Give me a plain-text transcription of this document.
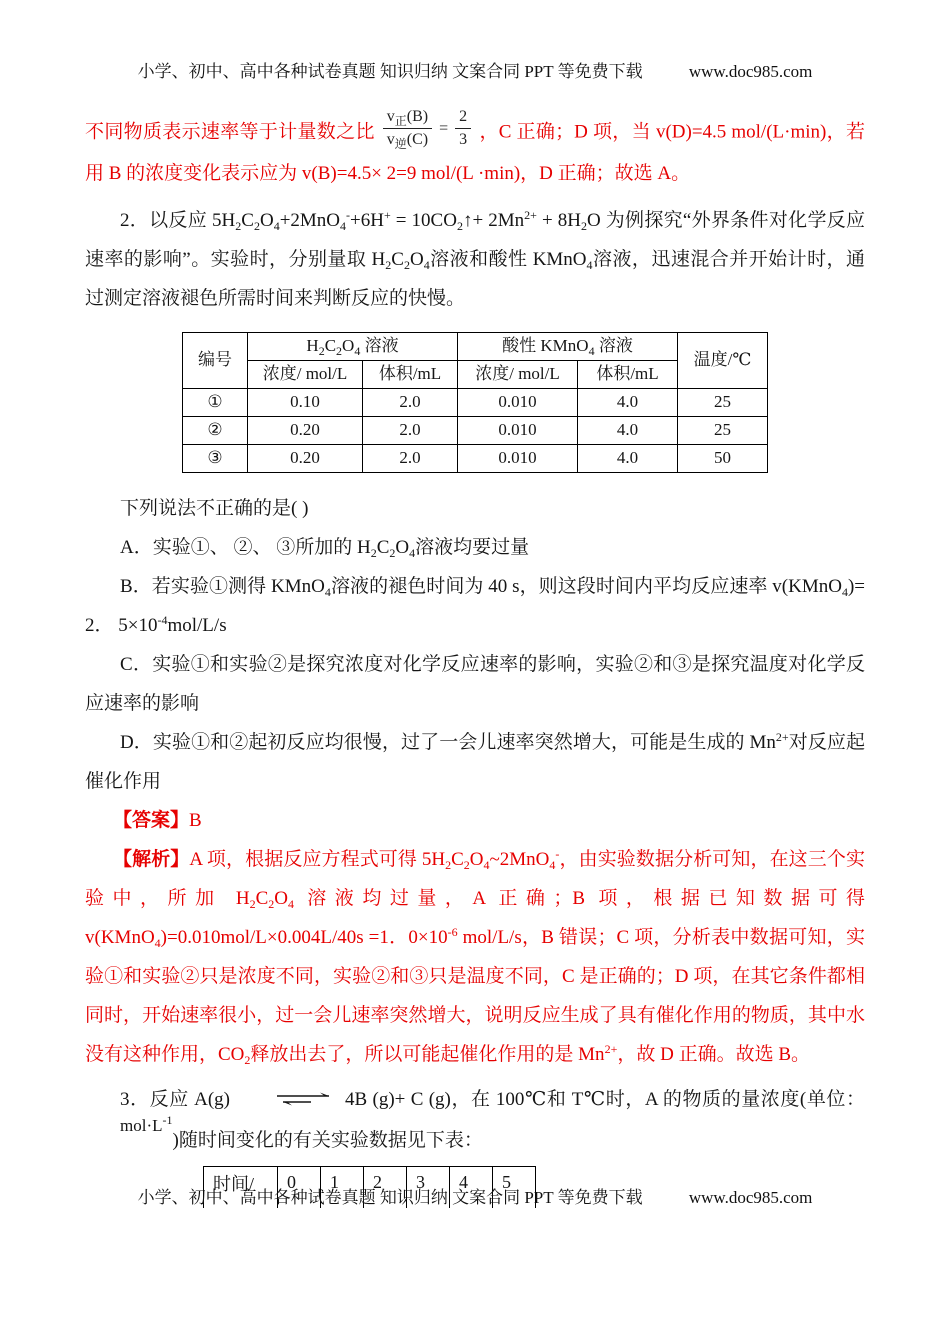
小学、初中、高中各种试卷真题 知识归纳 文案合同 PPT 等免费下载	www.doc985.com

不同物质表示速率等于计量数之比 $\frac{v_正(B)}{v_逆(C)} = \frac{2}{3}$ ，C 正确；D 项，当 v(D)=4.5 mol/(L·min)，若用 B 的浓度变化表示应为 v(B)=4.5× 2=9 mol/(L ·min)，D 正确；故选 A。

2．以反应 $5H_2C_2O_4+2MnO_4^-+6H^+$ = $10CO_2↑+ 2Mn^{2+} + 8H_2O$ 为例探究“外界条件对化学反应速率的影响”。实验时，分别量取 $H_2C_2O_4$溶液和酸性 KMnO$_4$溶液，迅速混合并开始计时，通过测定溶液褪色所需时间来判断反应的快慢。

编号	$H_2C_2O_4$ 溶液		酸性 KMnO$_4$ 溶液		温度/℃
	浓度/ mol/L	体积/mL	浓度/ mol/L	体积/mL	
①	0.10	2.0	0.010	4.0	25
②	0.20	2.0	0.010	4.0	25
③	0.20	2.0	0.010	4.0	50

下列说法不正确的是( )

A．实验①、 ②、 ③所加的 $H_2C_2O_4$溶液均要过量

B．若实验①测得 KMnO$_4$溶液的褪色时间为 40 s，则这段时间内平均反应速率 v(KMnO$_4$)= 2． $5\times 10^{-4}mol/L/s$

C．实验①和实验②是探究浓度对化学反应速率的影响，实验②和③是探究温度对化学反应速率的影响

D．实验①和②起初反应均很慢，过了一会儿速率突然增大，可能是生成的 $Mn^{2+}$对反应起催化作用

【答案】B

【解析】A 项，根据反应方程式可得 $5H_2C_2O_4\sim 2MnO_4^-$，由实验数据分析可知，在这三个实验中，所加 $H_2C_2O_4$ 溶液均过量，A 正确；B 项，根据已知数据可得 v(KMnO$_4$)=0.010mol/L×0.004L/40s =1．$0\times 10^{-6}$ mol/L/s，B 错误；C 项，分析表中数据可知，实验①和实验②只是浓度不同，实验②和③只是温度不同，C 是正确的；D 项，在其它条件都相同时，开始速率很小，过一会儿速率突然增大，说明反应生成了具有催化作用的物质，其中水没有这种作用，$CO_2$释放出去了，所以可能起催化作用的是 $Mn^{2+}$，故 D 正确。故选 B。

3．反应 A(g)	4B (g)+ C (g)，在 100℃和 T℃时，A 的物质的量浓度(单位：$mol\cdot L^{-1}$)随时间变化的有关实验数据见下表：

时间/	0	1	2	3	4	5
小学、初中、高中各种试卷真题 知识归纳 文案合同 PPT 等免费下载	www.doc985.com
